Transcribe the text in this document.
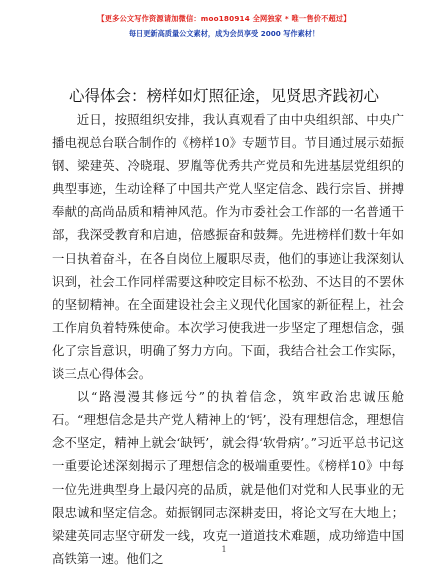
【更多公文写作资源请加微信：moo180914 全网独家 * 唯一售价不超过】
每日更新高质量公文素材，成为会员享受 2000 写作素材！
心得体会：榜样如灯照征途，见贤思齐践初心

近日，按照组织安排，我认真观看了由中央组织部、中央广播电视总台联合制作的《榜样10》专题节目。节目通过展示茹振钢、梁建英、冷晓琨、罗胤等优秀共产党员和先进基层党组织的典型事迹，生动诠释了中国共产党人坚定信念、践行宗旨、拼搏奉献的高尚品质和精神风范。作为市委社会工作部的一名普通干部，我深受教育和启迪，倍感振奋和鼓舞。先进榜样们数十年如一日执着奋斗，在各自岗位上履职尽责，他们的事迹让我深刻认识到，社会工作同样需要这种咬定目标不松劲、不达目的不罢休的坚韧精神。在全面建设社会主义现代化国家的新征程上，社会工作肩负着特殊使命。本次学习使我进一步坚定了理想信念，强化了宗旨意识，明确了努力方向。下面，我结合社会工作实际，谈三点心得体会。

以“路漫漫其修远兮”的执着信念，筑牢政治忠诚压舱石。“理想信念是共产党人精神上的‘钙’，没有理想信念，理想信念不坚定，精神上就会‘缺钙’，就会得‘软骨病’。”习近平总书记这一重要论述深刻揭示了理想信念的极端重要性。《榜样10》中每一位先进典型身上最闪亮的品质，就是他们对党和人民事业的无限忠诚和坚定信念。茹振钢同志深耕麦田，将论文写在大地上；梁建英同志坚守研发一线，攻克一道道技术难题，成功缔造中国高铁第一速。他们之

1
